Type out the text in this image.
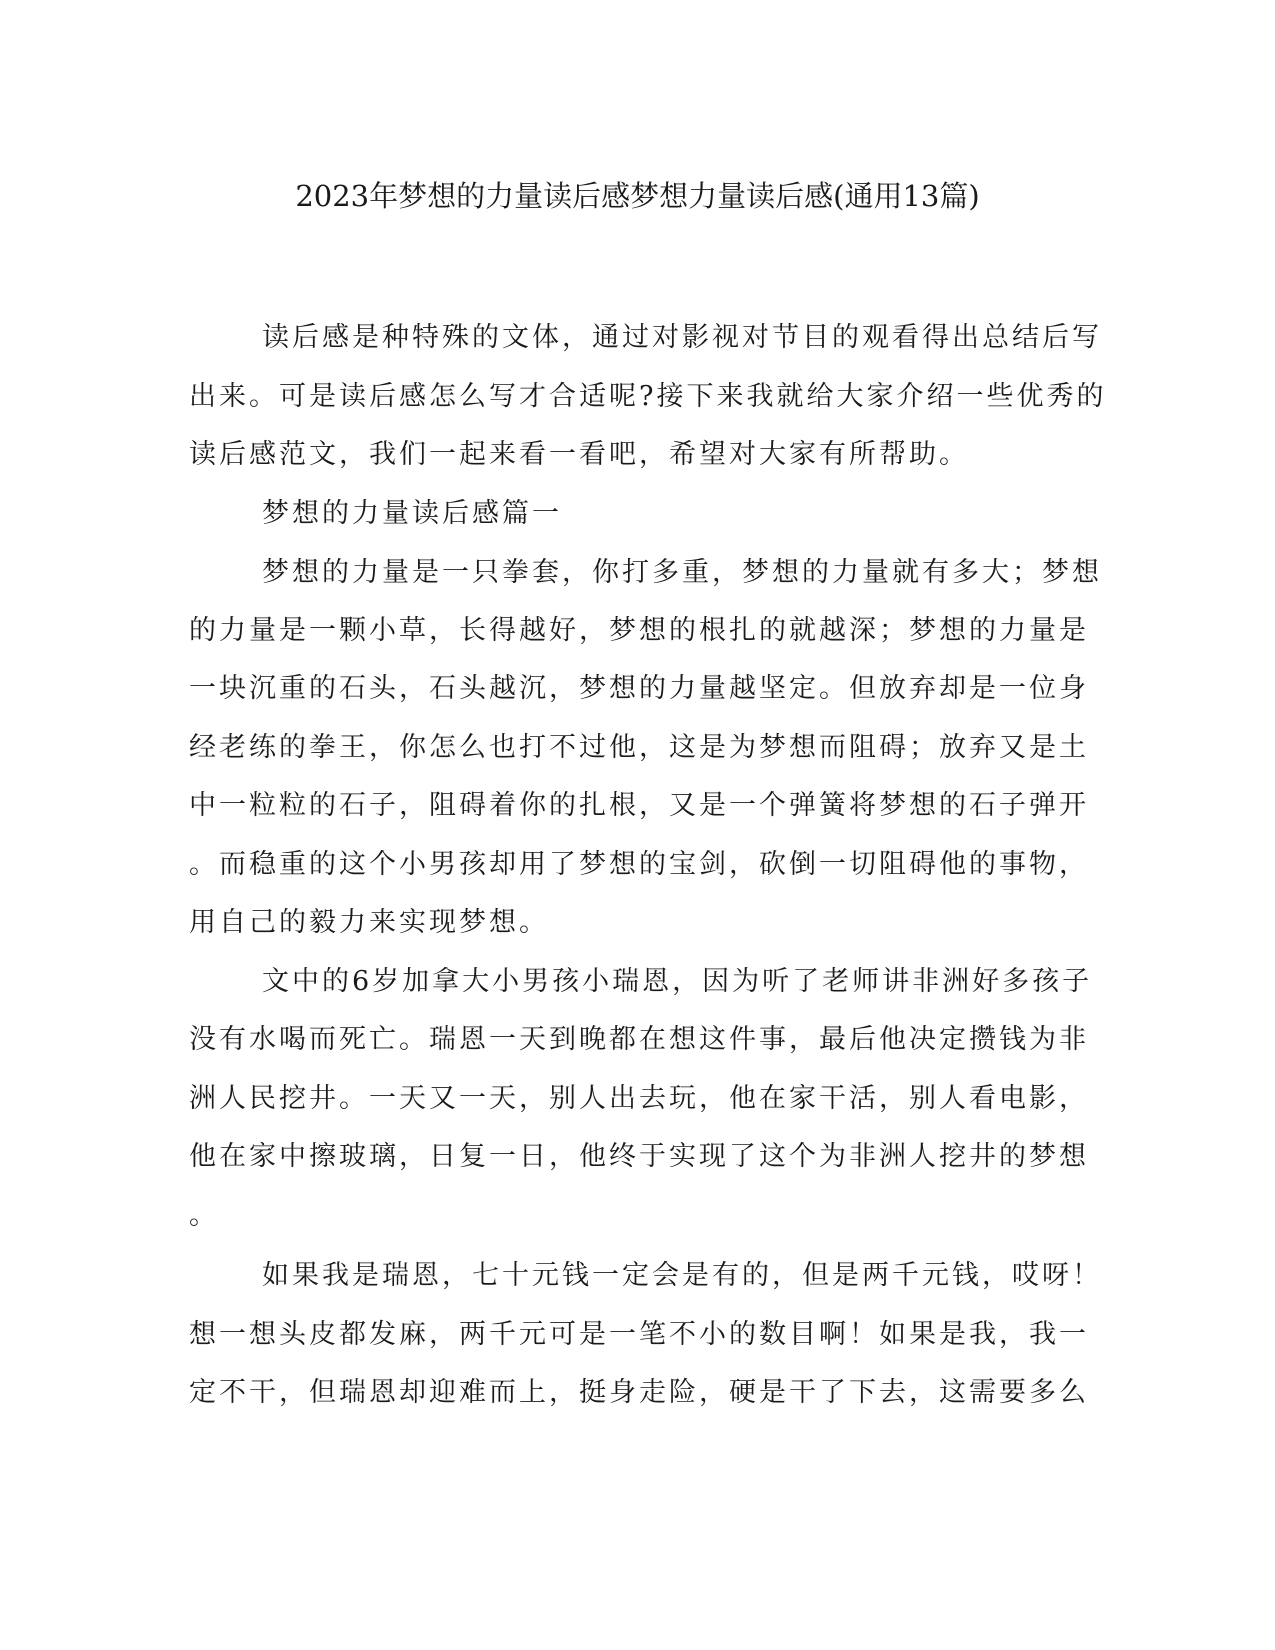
2023年梦想的力量读后感梦想力量读后感(通用13篇)

读后感是种特殊的文体，通过对影视对节目的观看得出总结后写

出来。可是读后感怎么写才合适呢?接下来我就给大家介绍一些优秀的

读后感范文，我们一起来看一看吧，希望对大家有所帮助。

梦想的力量读后感篇一

梦想的力量是一只拳套，你打多重，梦想的力量就有多大；梦想

的力量是一颗小草，长得越好，梦想的根扎的就越深；梦想的力量是

一块沉重的石头，石头越沉，梦想的力量越坚定。但放弃却是一位身

经老练的拳王，你怎么也打不过他，这是为梦想而阻碍；放弃又是土

中一粒粒的石子，阻碍着你的扎根，又是一个弹簧将梦想的石子弹开

。而稳重的这个小男孩却用了梦想的宝剑，砍倒一切阻碍他的事物，

用自己的毅力来实现梦想。

文中的6岁加拿大小男孩小瑞恩，因为听了老师讲非洲好多孩子

没有水喝而死亡。瑞恩一天到晚都在想这件事，最后他决定攒钱为非

洲人民挖井。一天又一天，别人出去玩，他在家干活，别人看电影，

他在家中擦玻璃，日复一日，他终于实现了这个为非洲人挖井的梦想

。

如果我是瑞恩，七十元钱一定会是有的，但是两千元钱，哎呀！

想一想头皮都发麻，两千元可是一笔不小的数目啊！如果是我，我一

定不干，但瑞恩却迎难而上，挺身走险，硬是干了下去，这需要多么
